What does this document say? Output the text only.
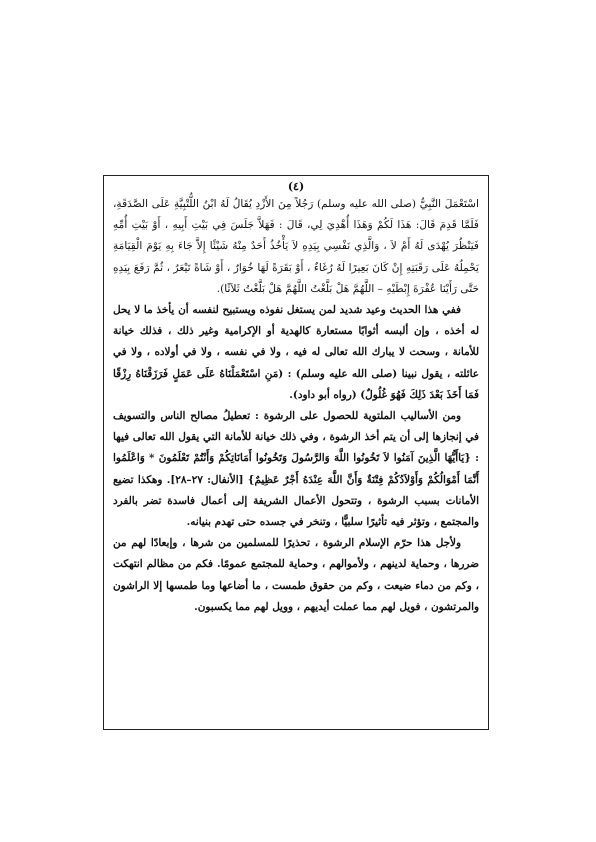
(٤)

اسْتَعْمَلَ النَّبِيُّ (صلى الله عليه وسلم) رَجُلاً مِنَ الأَزْدِ يُقَالُ لَهُ ابْنُ اللُّتْبِيَّةِ عَلَى الصَّدَقَةِ، فَلَمَّا قَدِمَ قَالَ: هَذَا لَكُمْ وَهَذَا أُهْدِيَ لِي، قَالَ : فَهَلاَّ جَلَسَ فِي بَيْتِ أَبِيهِ ، أَوْ بَيْتِ أُمِّهِ فَيَنْظُرَ يُهْدَى لَهُ أَمْ لاَ ، وَالَّذِي نَفْسِي بِيَدِهِ لاَ يَأْخُذُ أَحَدٌ مِنْهُ شَيْئًا إِلاَّ جَاءَ بِهِ يَوْمَ الْقِيَامَةِ يَحْمِلُهُ عَلَى رَقَبَتِهِ إِنْ كَانَ بَعِيرًا لَهُ رُغَاءٌ ، أَوْ بَقَرَةً لَهَا خُوَارٌ ، أَوْ شَاةً تَيْعَرُ ، ثُمَّ رَفَعَ بِيَدِهِ حَتَّى رَأَيْنَا عُفْرَةَ إِبْطَيْهِ – اللَّهُمَّ هَلْ بَلَّغْتُ اللَّهُمَّ هَلْ بَلَّغْتُ ثَلاَثًا).

ففي هذا الحديث وعيد شديد لمن يستغل نفوذه ويستبيح لنفسه أن يأخذ ما لا يحل له أخذه ، وإن ألبسه أثوابًا مستعارة كالهدية أو الإكرامية وغير ذلك ، فذلك خيانة للأمانة ، وسحت لا يبارك الله تعالى له فيه ، ولا في نفسه ، ولا في أولاده ، ولا في عائلته ، يقول نبينا (صلى الله عليه وسلم) : (مَنِ اسْتَعْمَلْنَاهُ عَلَى عَمَلٍ فَرَزَقْنَاهُ رِزْقًا فَمَا أَخَذَ بَعْدَ ذَلِكَ فَهُوَ غُلُولٌ) (رواه أبو داود).

ومن الأساليب الملتوية للحصول على الرشوة : تعطيلُ مصالح الناس والتسويف في إنجازها إلى أن يتم أخذ الرشوة ، وفي ذلك خيانة للأمانة التي يقول الله تعالى فيها : {يَاأَيُّهَا الَّذِينَ آمَنُوا لاَ تَخُونُوا اللَّهَ وَالرَّسُولَ وَتَخُونُوا أَمَانَاتِكُمْ وَأَنْتُمْ تَعْلَمُونَ * وَاعْلَمُوا أَنَّمَا أَمْوَالُكُمْ وَأَوْلاَدُكُمْ فِتْنَةٌ وَأَنَّ اللَّهَ عِنْدَهُ أَجْرٌ عَظِيمٌ} [الأنفال: ٢٧–٢٨]. وهكذا تضيع الأمانات بسبب الرشوة ، وتتحول الأعمال الشريفة إلى أعمال فاسدة تضر بالفرد والمجتمع ، وتؤثر فيه تأثيرًا سلبيًّا ، وتنخر في جسده حتى تهدم بنيانه.

ولأجل هذا حرّم الإسلام الرشوة ، تحذيرًا للمسلمين من شرها ، وإبعادًا لهم من ضررها ، وحماية لدينهم ، ولأموالهم ، وحماية للمجتمع عمومًا. فكم من مظالم انتهكت ، وكم من دماء ضيعت ، وكم من حقوق طمست ، ما أضاعها وما طمسها إلا الراشون والمرتشون ، فويل لهم مما عملت أيديهم ، وويل لهم مما يكسبون.
